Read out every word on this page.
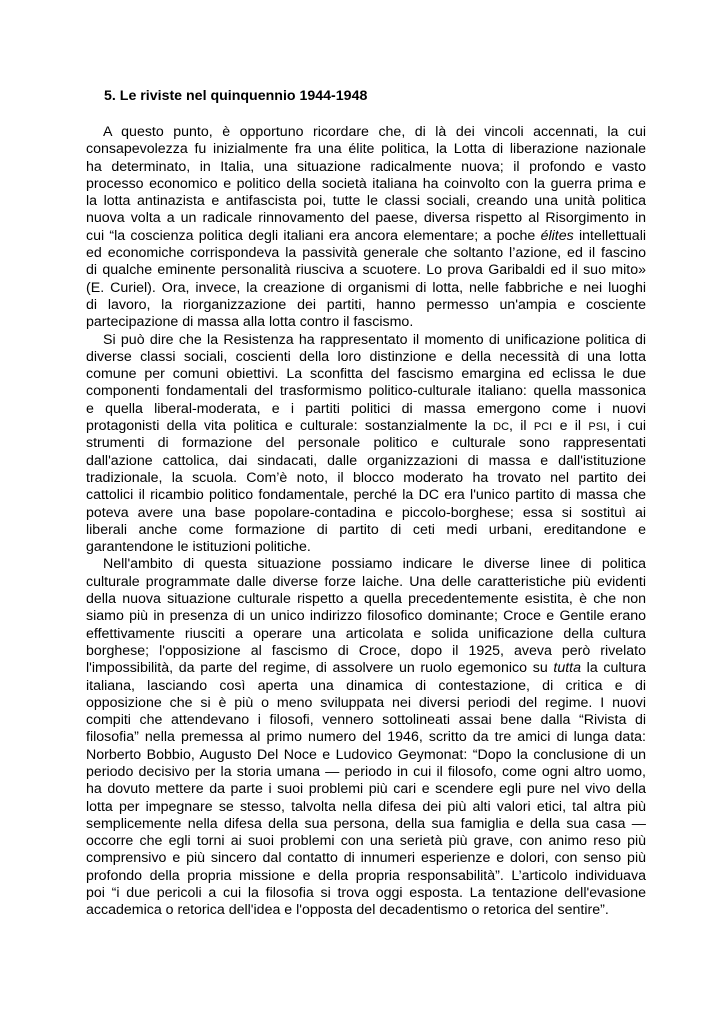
5. Le riviste nel quinquennio 1944-1948
A questo punto, è opportuno ricordare che, di là dei vincoli accennati, la cui
consapevolezza fu inizialmente fra una élite politica, la Lotta di liberazione nazionale
ha determinato, in Italia, una situazione radicalmente nuova; il profondo e vasto
processo economico e politico della società italiana ha coinvolto con la guerra prima e
la lotta antinazista e antifascista poi, tutte le classi sociali, creando una unità politica
nuova volta a un radicale rinnovamento del paese, diversa rispetto al Risorgimento in
cui “la coscienza politica degli italiani era ancora elementare; a poche élites intellettuali
ed economiche corrispondeva la passività generale che soltanto l’azione, ed il fascino
di qualche eminente personalità riusciva a scuotere. Lo prova Garibaldi ed il suo mito»
(E. Curiel). Ora, invece, la creazione di organismi di lotta, nelle fabbriche e nei luoghi
di lavoro, la riorganizzazione dei partiti, hanno permesso un'ampia e cosciente
partecipazione di massa alla lotta contro il fascismo.
Si può dire che la Resistenza ha rappresentato il momento di unificazione politica di
diverse classi sociali, coscienti della loro distinzione e della necessità di una lotta
comune per comuni obiettivi. La sconfitta del fascismo emargina ed eclissa le due
componenti fondamentali del trasformismo politico-culturale italiano: quella massonica
e quella liberal-moderata, e i partiti politici di massa emergono come i nuovi
protagonisti della vita politica e culturale: sostanzialmente la DC, il PCI e il PSI, i cui
strumenti di formazione del personale politico e culturale sono rappresentati
dall'azione cattolica, dai sindacati, dalle organizzazioni di massa e dall'istituzione
tradizionale, la scuola. Com’è noto, il blocco moderato ha trovato nel partito dei
cattolici il ricambio politico fondamentale, perché la DC era l'unico partito di massa che
poteva avere una base popolare-contadina e piccolo-borghese; essa si sostituì ai
liberali anche come formazione di partito di ceti medi urbani, ereditandone e
garantendone le istituzioni politiche.
Nell'ambito di questa situazione possiamo indicare le diverse linee di politica
culturale programmate dalle diverse forze laiche. Una delle caratteristiche più evidenti
della nuova situazione culturale rispetto a quella precedentemente esistita, è che non
siamo più in presenza di un unico indirizzo filosofico dominante; Croce e Gentile erano
effettivamente riusciti a operare una articolata e solida unificazione della cultura
borghese; l'opposizione al fascismo di Croce, dopo il 1925, aveva però rivelato
l'impossibilità, da parte del regime, di assolvere un ruolo egemonico su tutta la cultura
italiana, lasciando così aperta una dinamica di contestazione, di critica e di
opposizione che si è più o meno sviluppata nei diversi periodi del regime. I nuovi
compiti che attendevano i filosofi, vennero sottolineati assai bene dalla “Rivista di
filosofia” nella premessa al primo numero del 1946, scritto da tre amici di lunga data:
Norberto Bobbio, Augusto Del Noce e Ludovico Geymonat: “Dopo la conclusione di un
periodo decisivo per la storia umana — periodo in cui il filosofo, come ogni altro uomo,
ha dovuto mettere da parte i suoi problemi più cari e scendere egli pure nel vivo della
lotta per impegnare se stesso, talvolta nella difesa dei più alti valori etici, tal altra più
semplicemente nella difesa della sua persona, della sua famiglia e della sua casa —
occorre che egli torni ai suoi problemi con una serietà più grave, con animo reso più
comprensivo e più sincero dal contatto di innumeri esperienze e dolori, con senso più
profondo della propria missione e della propria responsabilità”. L’articolo individuava
poi “i due pericoli a cui la filosofia si trova oggi esposta. La tentazione dell'evasione
accademica o retorica dell'idea e l'opposta del decadentismo o retorica del sentire”.
